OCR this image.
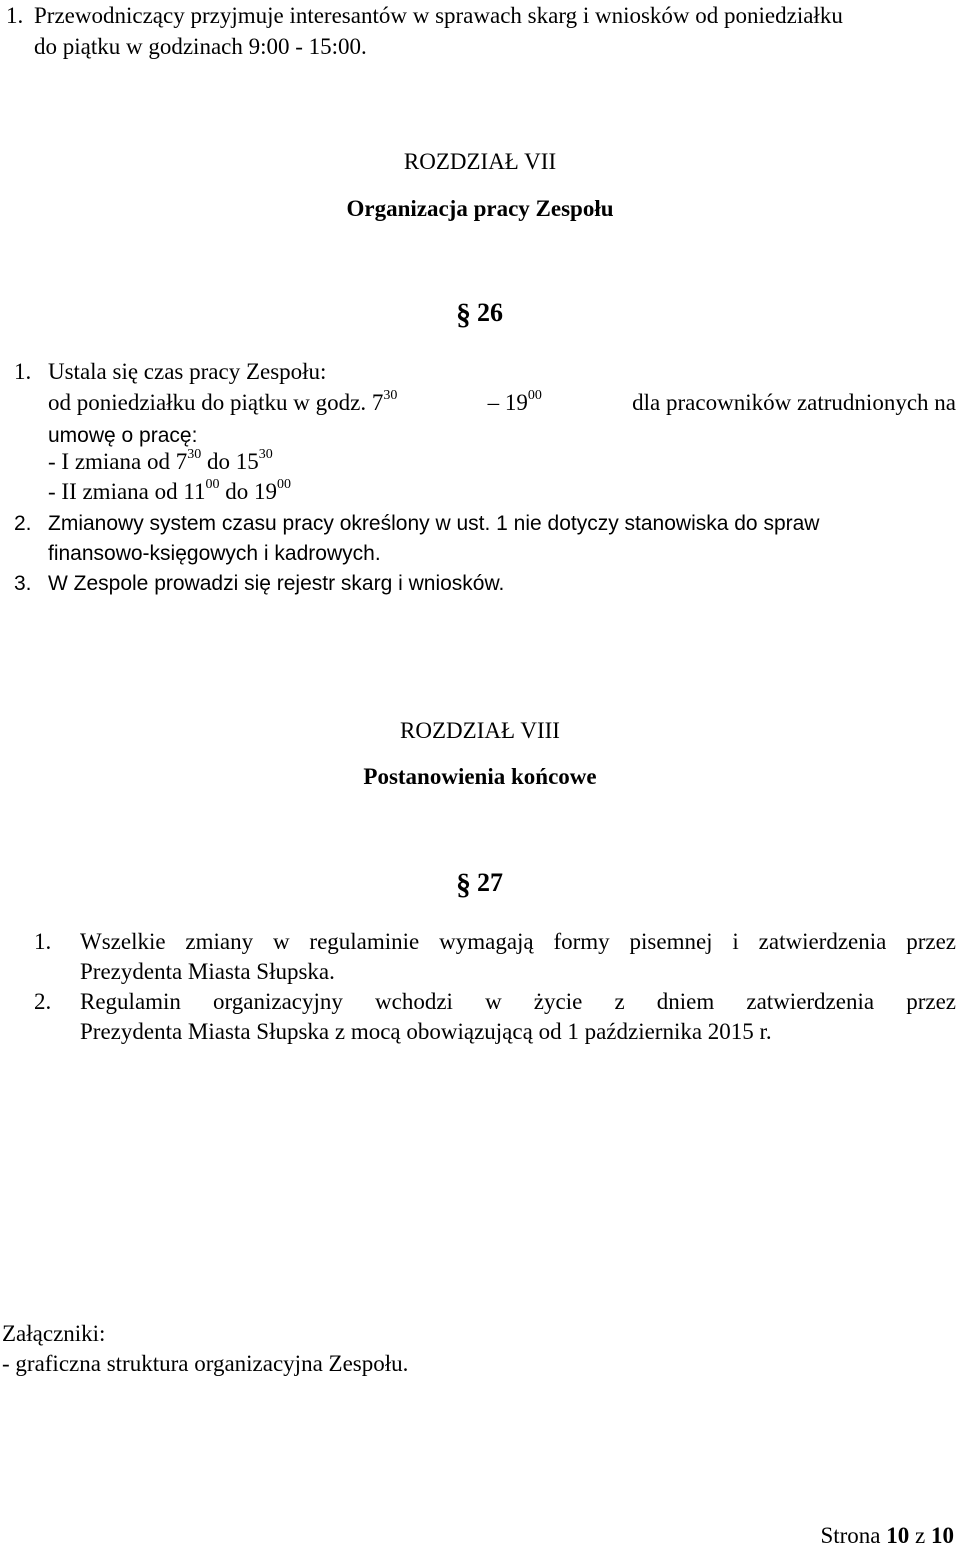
1. Przewodniczący przyjmuje interesantów w sprawach skarg i wniosków od poniedziałku
do piątku w godzinach 9:00 - 15:00.
ROZDZIAŁ VII
Organizacja pracy Zespołu
§ 26
1. Ustala się czas pracy Zespołu:
od poniedziałku do piątku w godz. $7^{30}$	– $19^{00}$	dla pracowników zatrudnionych na
umowę o pracę:
- I zmiana od $7^{30}$ do $15^{30}$
- II zmiana od $11^{00}$ do $19^{00}$
2. Zmianowy system czasu pracy określony w ust. 1 nie dotyczy stanowiska do spraw
finansowo-księgowych i kadrowych.
3. W Zespole prowadzi się rejestr skarg i wniosków.
ROZDZIAŁ VIII
Postanowienia końcowe
§ 27
1. Wszelkie zmiany w regulaminie wymagają formy pisemnej i zatwierdzenia przez
Prezydenta Miasta Słupska.
2. Regulamin organizacyjny wchodzi w życie z dniem zatwierdzenia przez
Prezydenta Miasta Słupska z mocą obowiązującą od 1 października 2015 r.
Załączniki:
- graficzna struktura organizacyjna Zespołu.
Strona 10 z 10
